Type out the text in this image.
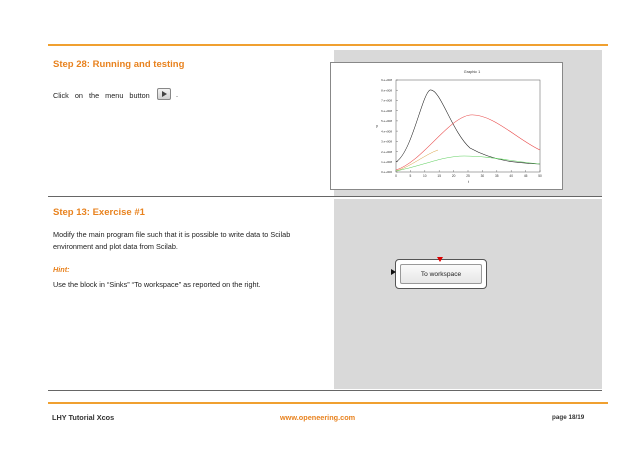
Step 28: Running and testing
Click on the menu button	.
Graphic 1
y
t
0.e+000
1.e+008
2.e+008
3.e+008
4.e+008
5.e+008
6.e+008
7.e+008
8.e+008
9.e+008
0	5	10	15	20	25	30	35	40	45	50
Step 13: Exercise #1
Modify the main program file such that it is possible to write data to Scilab
environment and plot data from Scilab.
Hint:
Use the block in “Sinks” “To workspace” as reported on the right.
To workspace
LHY Tutorial Xcos	www.openeering.com	page 18/19
